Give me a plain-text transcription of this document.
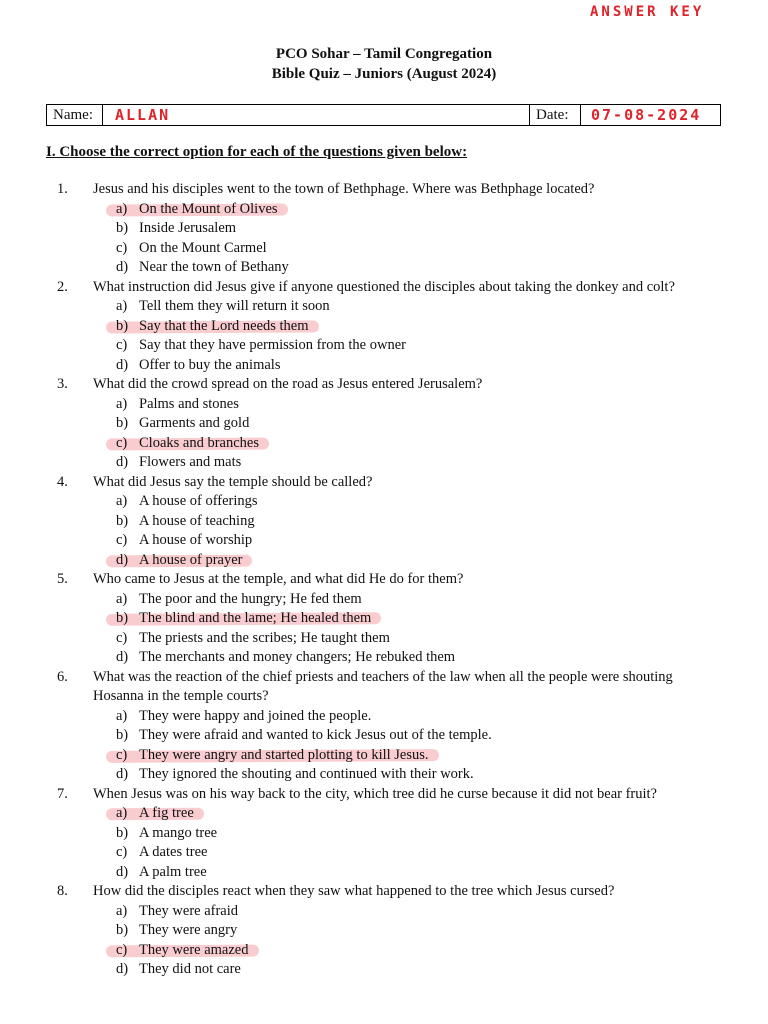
ANSWER KEY
PCO Sohar – Tamil Congregation
Bible Quiz – Juniors (August 2024)
Name:	ALLAN	Date:	07-08-2024
I. Choose the correct option for each of the questions given below:
1.	Jesus and his disciples went to the town of Bethphage. Where was Bethphage located?
a) On the Mount of Olives
b) Inside Jerusalem
c) On the Mount Carmel
d) Near the town of Bethany
2.	What instruction did Jesus give if anyone questioned the disciples about taking the donkey and colt?
a) Tell them they will return it soon
b) Say that the Lord needs them
c) Say that they have permission from the owner
d) Offer to buy the animals
3.	What did the crowd spread on the road as Jesus entered Jerusalem?
a) Palms and stones
b) Garments and gold
c) Cloaks and branches
d) Flowers and mats
4.	What did Jesus say the temple should be called?
a) A house of offerings
b) A house of teaching
c) A house of worship
d) A house of prayer
5.	Who came to Jesus at the temple, and what did He do for them?
a) The poor and the hungry; He fed them
b) The blind and the lame; He healed them
c) The priests and the scribes; He taught them
d) The merchants and money changers; He rebuked them
6.	What was the reaction of the chief priests and teachers of the law when all the people were shouting Hosanna in the temple courts?
a) They were happy and joined the people.
b) They were afraid and wanted to kick Jesus out of the temple.
c) They were angry and started plotting to kill Jesus.
d) They ignored the shouting and continued with their work.
7.	When Jesus was on his way back to the city, which tree did he curse because it did not bear fruit?
a) A fig tree
b) A mango tree
c) A dates tree
d) A palm tree
8.	How did the disciples react when they saw what happened to the tree which Jesus cursed?
a) They were afraid
b) They were angry
c) They were amazed
d) They did not care
